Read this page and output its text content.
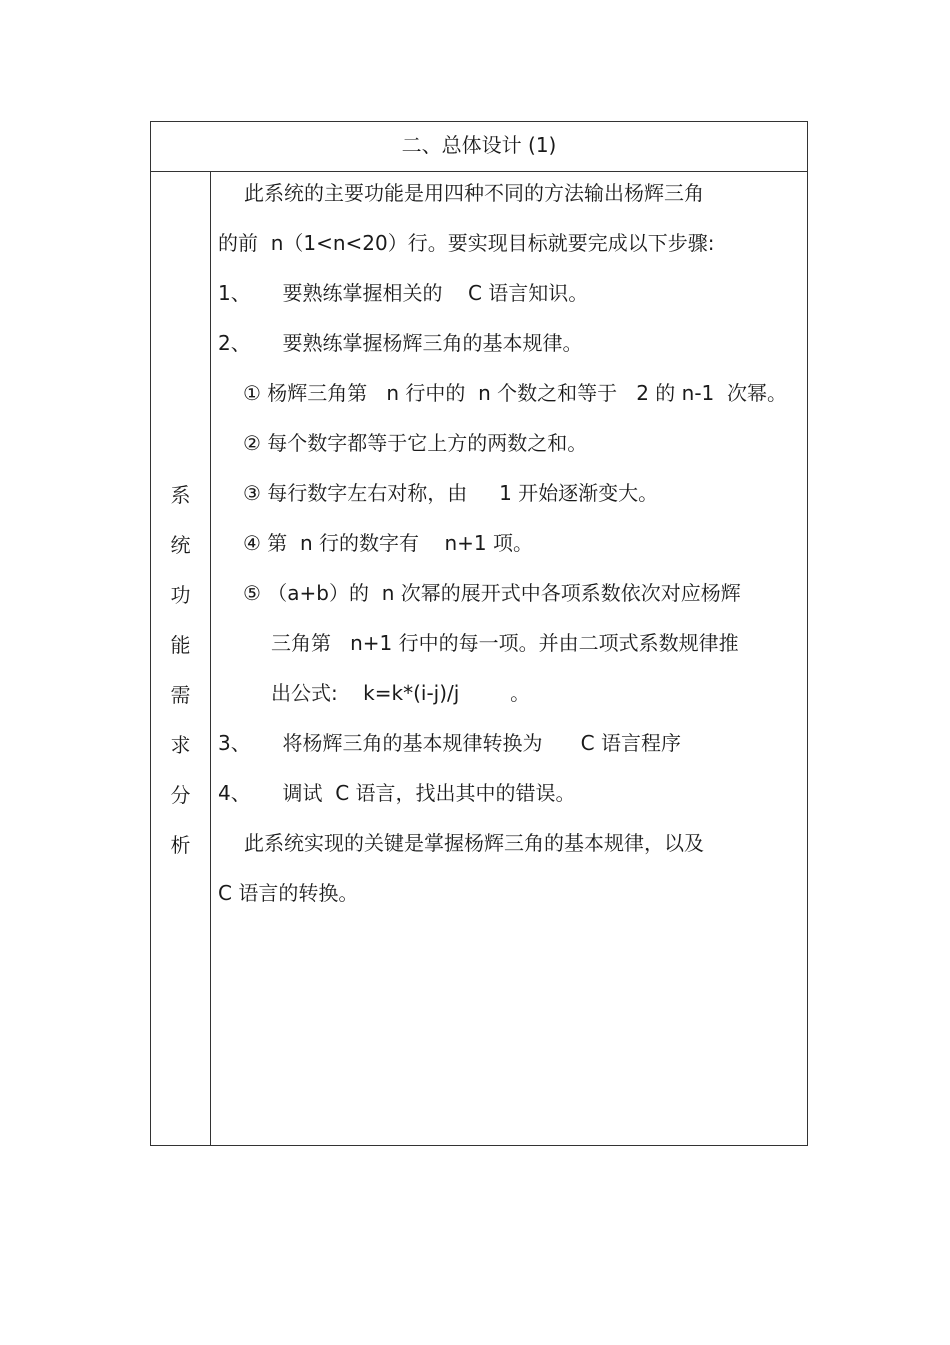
二、总体设计 (1)
系
统
功
能
需
求
分
析
此系统的主要功能是用四种不同的方法输出杨辉三角
的前  n（1<n<20）行。要实现目标就要完成以下步骤:
1、     要熟练掌握相关的    C 语言知识。
2、     要熟练掌握杨辉三角的基本规律。
① 杨辉三角第   n 行中的  n 个数之和等于   2 的 n-1  次幂。
② 每个数字都等于它上方的两数之和。
③ 每行数字左右对称，由     1 开始逐渐变大。
④ 第  n 行的数字有    n+1 项。
⑤ （a+b）的  n 次幂的展开式中各项系数依次对应杨辉
三角第   n+1 行中的每一项。并由二项式系数规律推
出公式:    k=k*(i-j)/j        。
3、     将杨辉三角的基本规律转换为      C 语言程序
4、     调试  C 语言，找出其中的错误。
此系统实现的关键是掌握杨辉三角的基本规律，以及
C 语言的转换。
